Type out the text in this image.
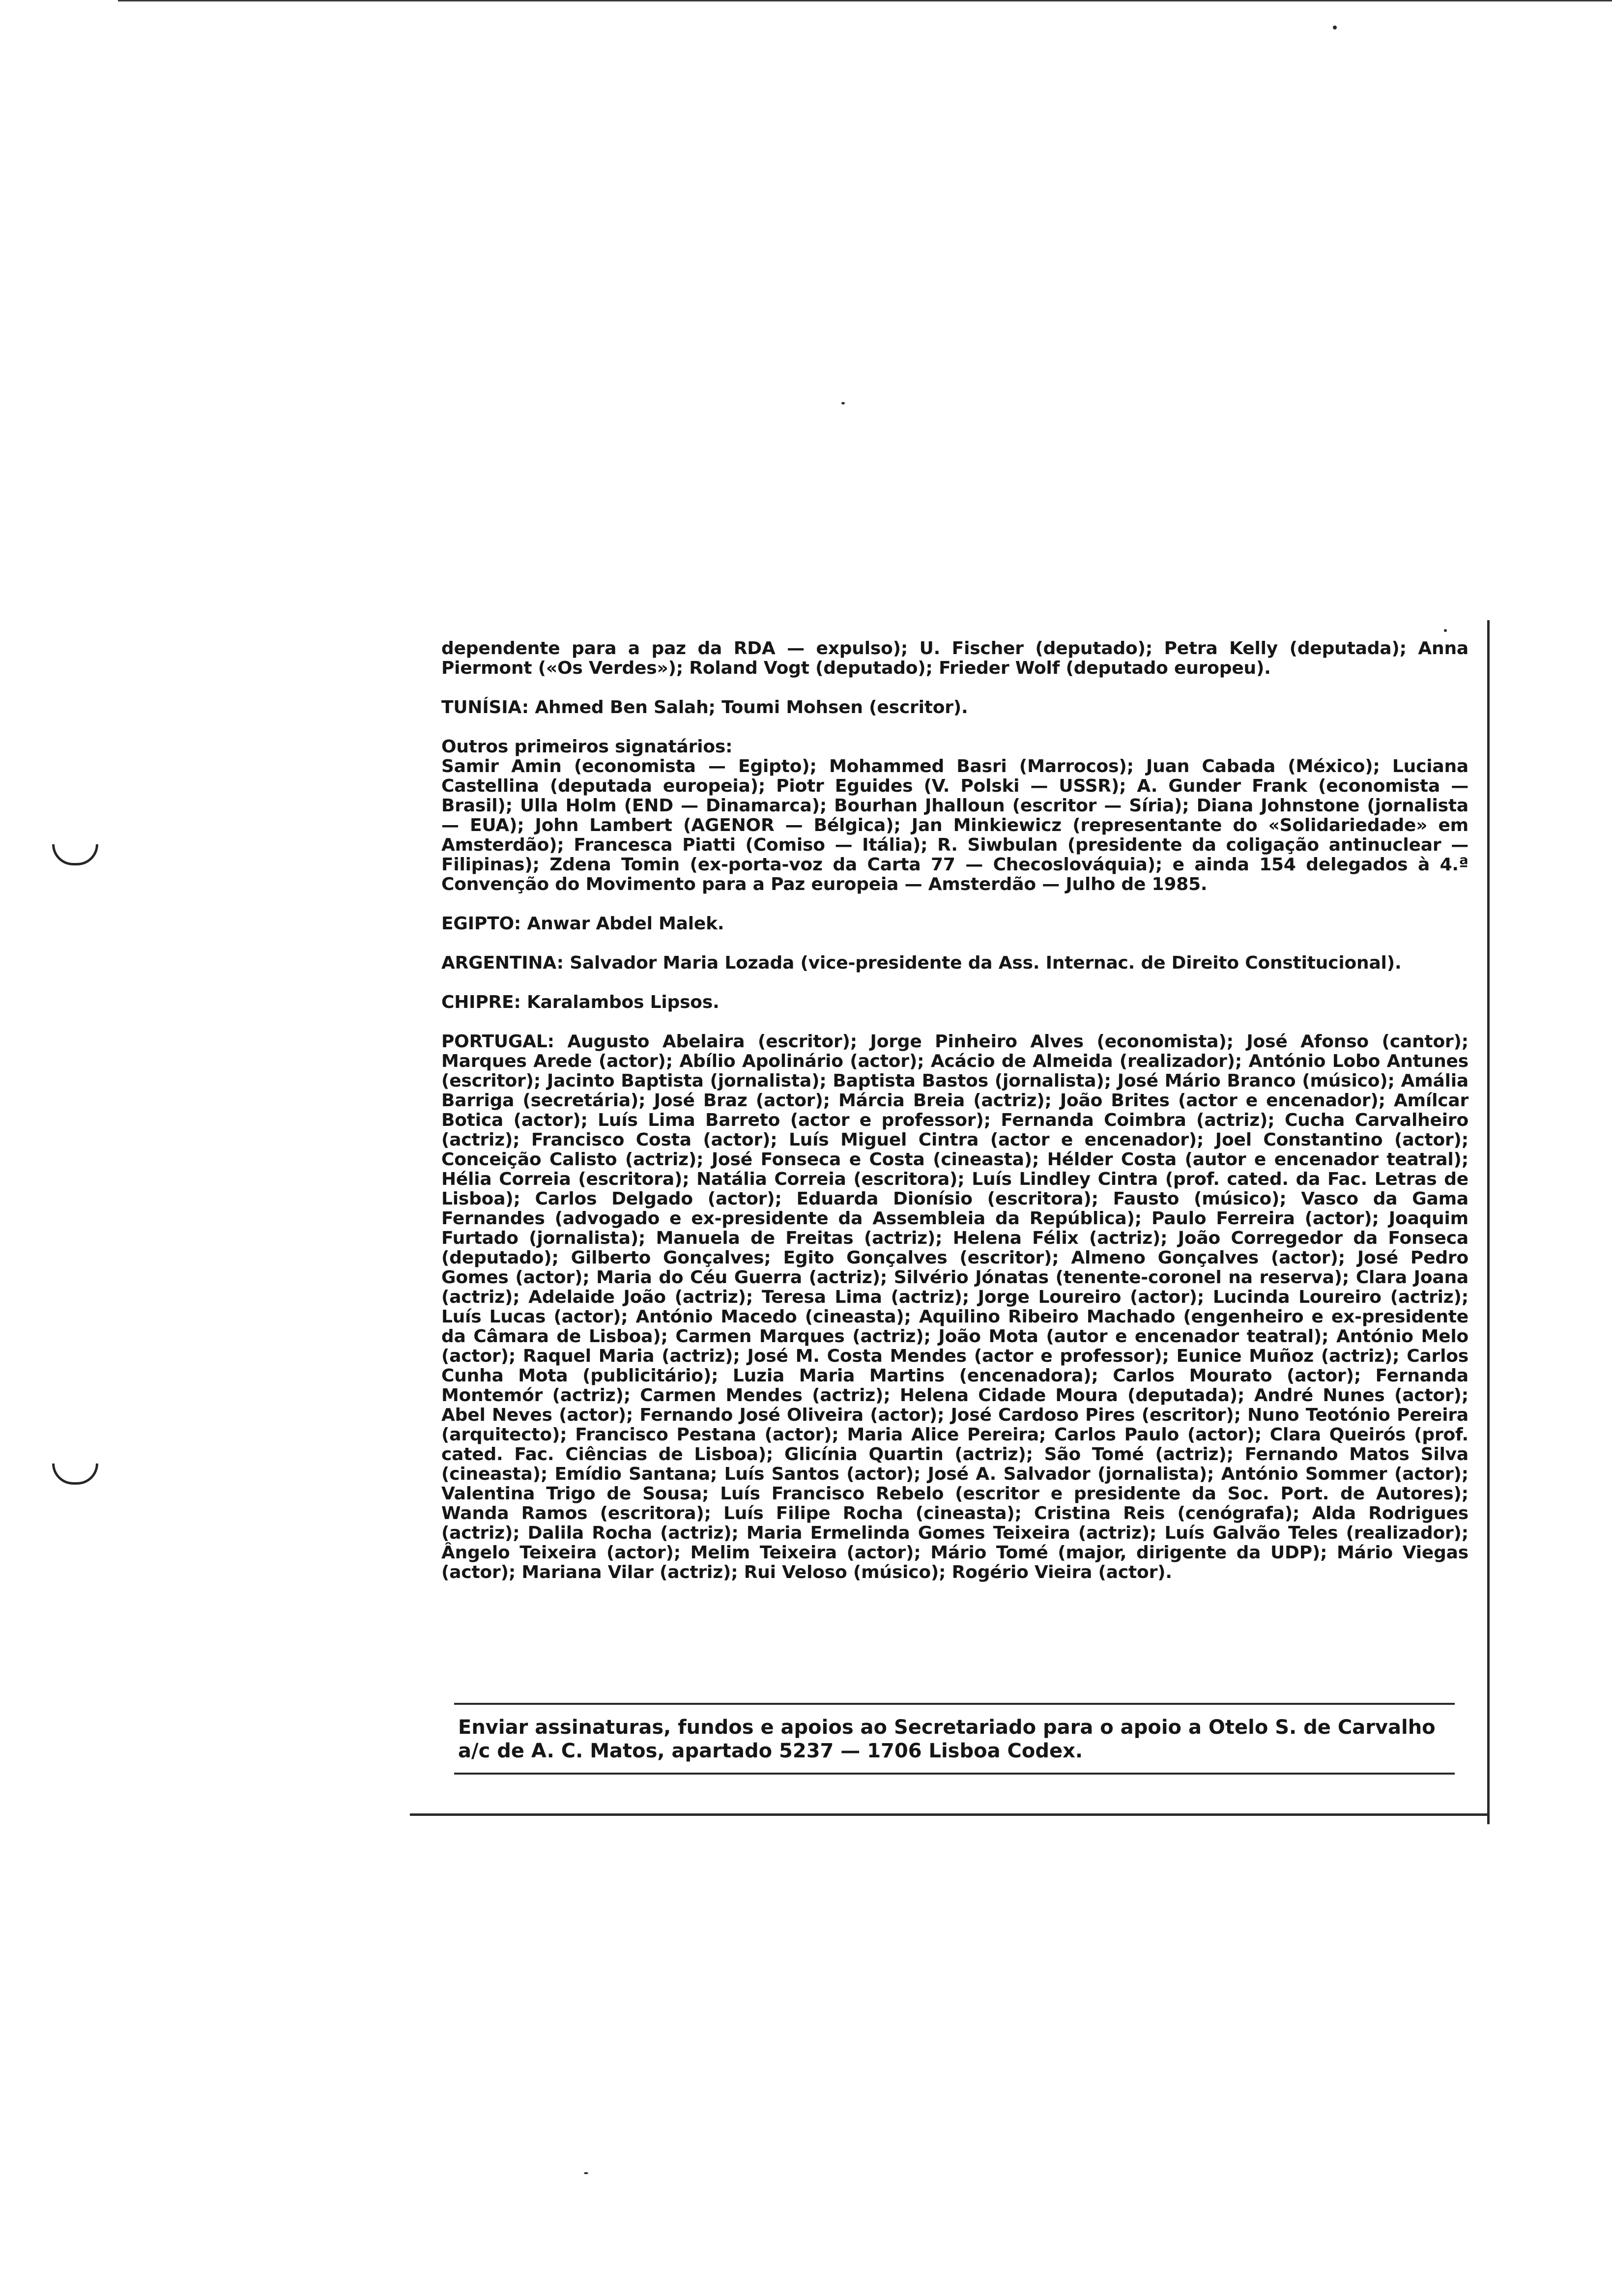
dependente para a paz da RDA — expulso); U. Fischer (deputado); Petra Kelly (deputada); Anna Piermont («Os Verdes»); Roland Vogt (deputado); Frieder Wolf (deputado europeu).

TUNÍSIA: Ahmed Ben Salah; Toumi Mohsen (escritor).

Outros primeiros signatários:
Samir Amin (economista — Egipto); Mohammed Basri (Marrocos); Juan Cabada (México); Luciana Castellina (deputada europeia); Piotr Eguides (V. Polski — USSR); A. Gunder Frank (economista — Brasil); Ulla Holm (END — Dinamarca); Bourhan Jhalloun (escritor — Síria); Diana Johnstone (jornalista — EUA); John Lambert (AGENOR — Bélgica); Jan Minkiewicz (representante do «Solidariedade» em Amsterdão); Francesca Piatti (Comiso — Itália); R. Siwbulan (presidente da coligação antinuclear — Filipinas); Zdena Tomin (ex-porta-voz da Carta 77 — Checoslováquia); e ainda 154 delegados à 4.ª Convenção do Movimento para a Paz europeia — Amsterdão — Julho de 1985.

EGIPTO: Anwar Abdel Malek.

ARGENTINA: Salvador Maria Lozada (vice-presidente da Ass. Internac. de Direito Constitucional).

CHIPRE: Karalambos Lipsos.

PORTUGAL: Augusto Abelaira (escritor); Jorge Pinheiro Alves (economista); José Afonso (cantor); Marques Arede (actor); Abílio Apolinário (actor); Acácio de Almeida (realizador); António Lobo Antunes (escritor); Jacinto Baptista (jornalista); Baptista Bastos (jornalista); José Mário Branco (músico); Amália Barriga (secretária); José Braz (actor); Márcia Breia (actriz); João Brites (actor e encenador); Amílcar Botica (actor); Luís Lima Barreto (actor e professor); Fernanda Coimbra (actriz); Cucha Carvalheiro (actriz); Francisco Costa (actor); Luís Miguel Cintra (actor e encenador); Joel Constantino (actor); Conceição Calisto (actriz); José Fonseca e Costa (cineasta); Hélder Costa (autor e encenador teatral); Hélia Correia (escritora); Natália Correia (escritora); Luís Lindley Cintra (prof. cated. da Fac. Letras de Lisboa); Carlos Delgado (actor); Eduarda Dionísio (escritora); Fausto (músico); Vasco da Gama Fernandes (advogado e ex-presidente da Assembleia da República); Paulo Ferreira (actor); Joaquim Furtado (jornalista); Manuela de Freitas (actriz); Helena Félix (actriz); João Corregedor da Fonseca (deputado); Gilberto Gonçalves; Egito Gonçalves (escritor); Almeno Gonçalves (actor); José Pedro Gomes (actor); Maria do Céu Guerra (actriz); Silvério Jónatas (tenente-coronel na reserva); Clara Joana (actriz); Adelaide João (actriz); Teresa Lima (actriz); Jorge Loureiro (actor); Lucinda Loureiro (actriz); Luís Lucas (actor); António Macedo (cineasta); Aquilino Ribeiro Machado (engenheiro e ex-presidente da Câmara de Lisboa); Carmen Marques (actriz); João Mota (autor e encenador teatral); António Melo (actor); Raquel Maria (actriz); José M. Costa Mendes (actor e professor); Eunice Muñoz (actriz); Carlos Cunha Mota (publicitário); Luzia Maria Martins (encenadora); Carlos Mourato (actor); Fernanda Montemór (actriz); Carmen Mendes (actriz); Helena Cidade Moura (deputada); André Nunes (actor); Abel Neves (actor); Fernando José Oliveira (actor); José Cardoso Pires (escritor); Nuno Teotónio Pereira (arquitecto); Francisco Pestana (actor); Maria Alice Pereira; Carlos Paulo (actor); Clara Queirós (prof. cated. Fac. Ciências de Lisboa); Glicínia Quartin (actriz); São Tomé (actriz); Fernando Matos Silva (cineasta); Emídio Santana; Luís Santos (actor); José A. Salvador (jornalista); António Sommer (actor); Valentina Trigo de Sousa; Luís Francisco Rebelo (escritor e presidente da Soc. Port. de Autores); Wanda Ramos (escritora); Luís Filipe Rocha (cineasta); Cristina Reis (cenógrafa); Alda Rodrigues (actriz); Dalila Rocha (actriz); Maria Ermelinda Gomes Teixeira (actriz); Luís Galvão Teles (realizador); Ângelo Teixeira (actor); Melim Teixeira (actor); Mário Tomé (major, dirigente da UDP); Mário Viegas (actor); Mariana Vilar (actriz); Rui Veloso (músico); Rogério Vieira (actor).

Enviar assinaturas, fundos e apoios ao Secretariado para o apoio a Otelo S. de Carvalho a/c de A. C. Matos, apartado 5237 — 1706 Lisboa Codex.
